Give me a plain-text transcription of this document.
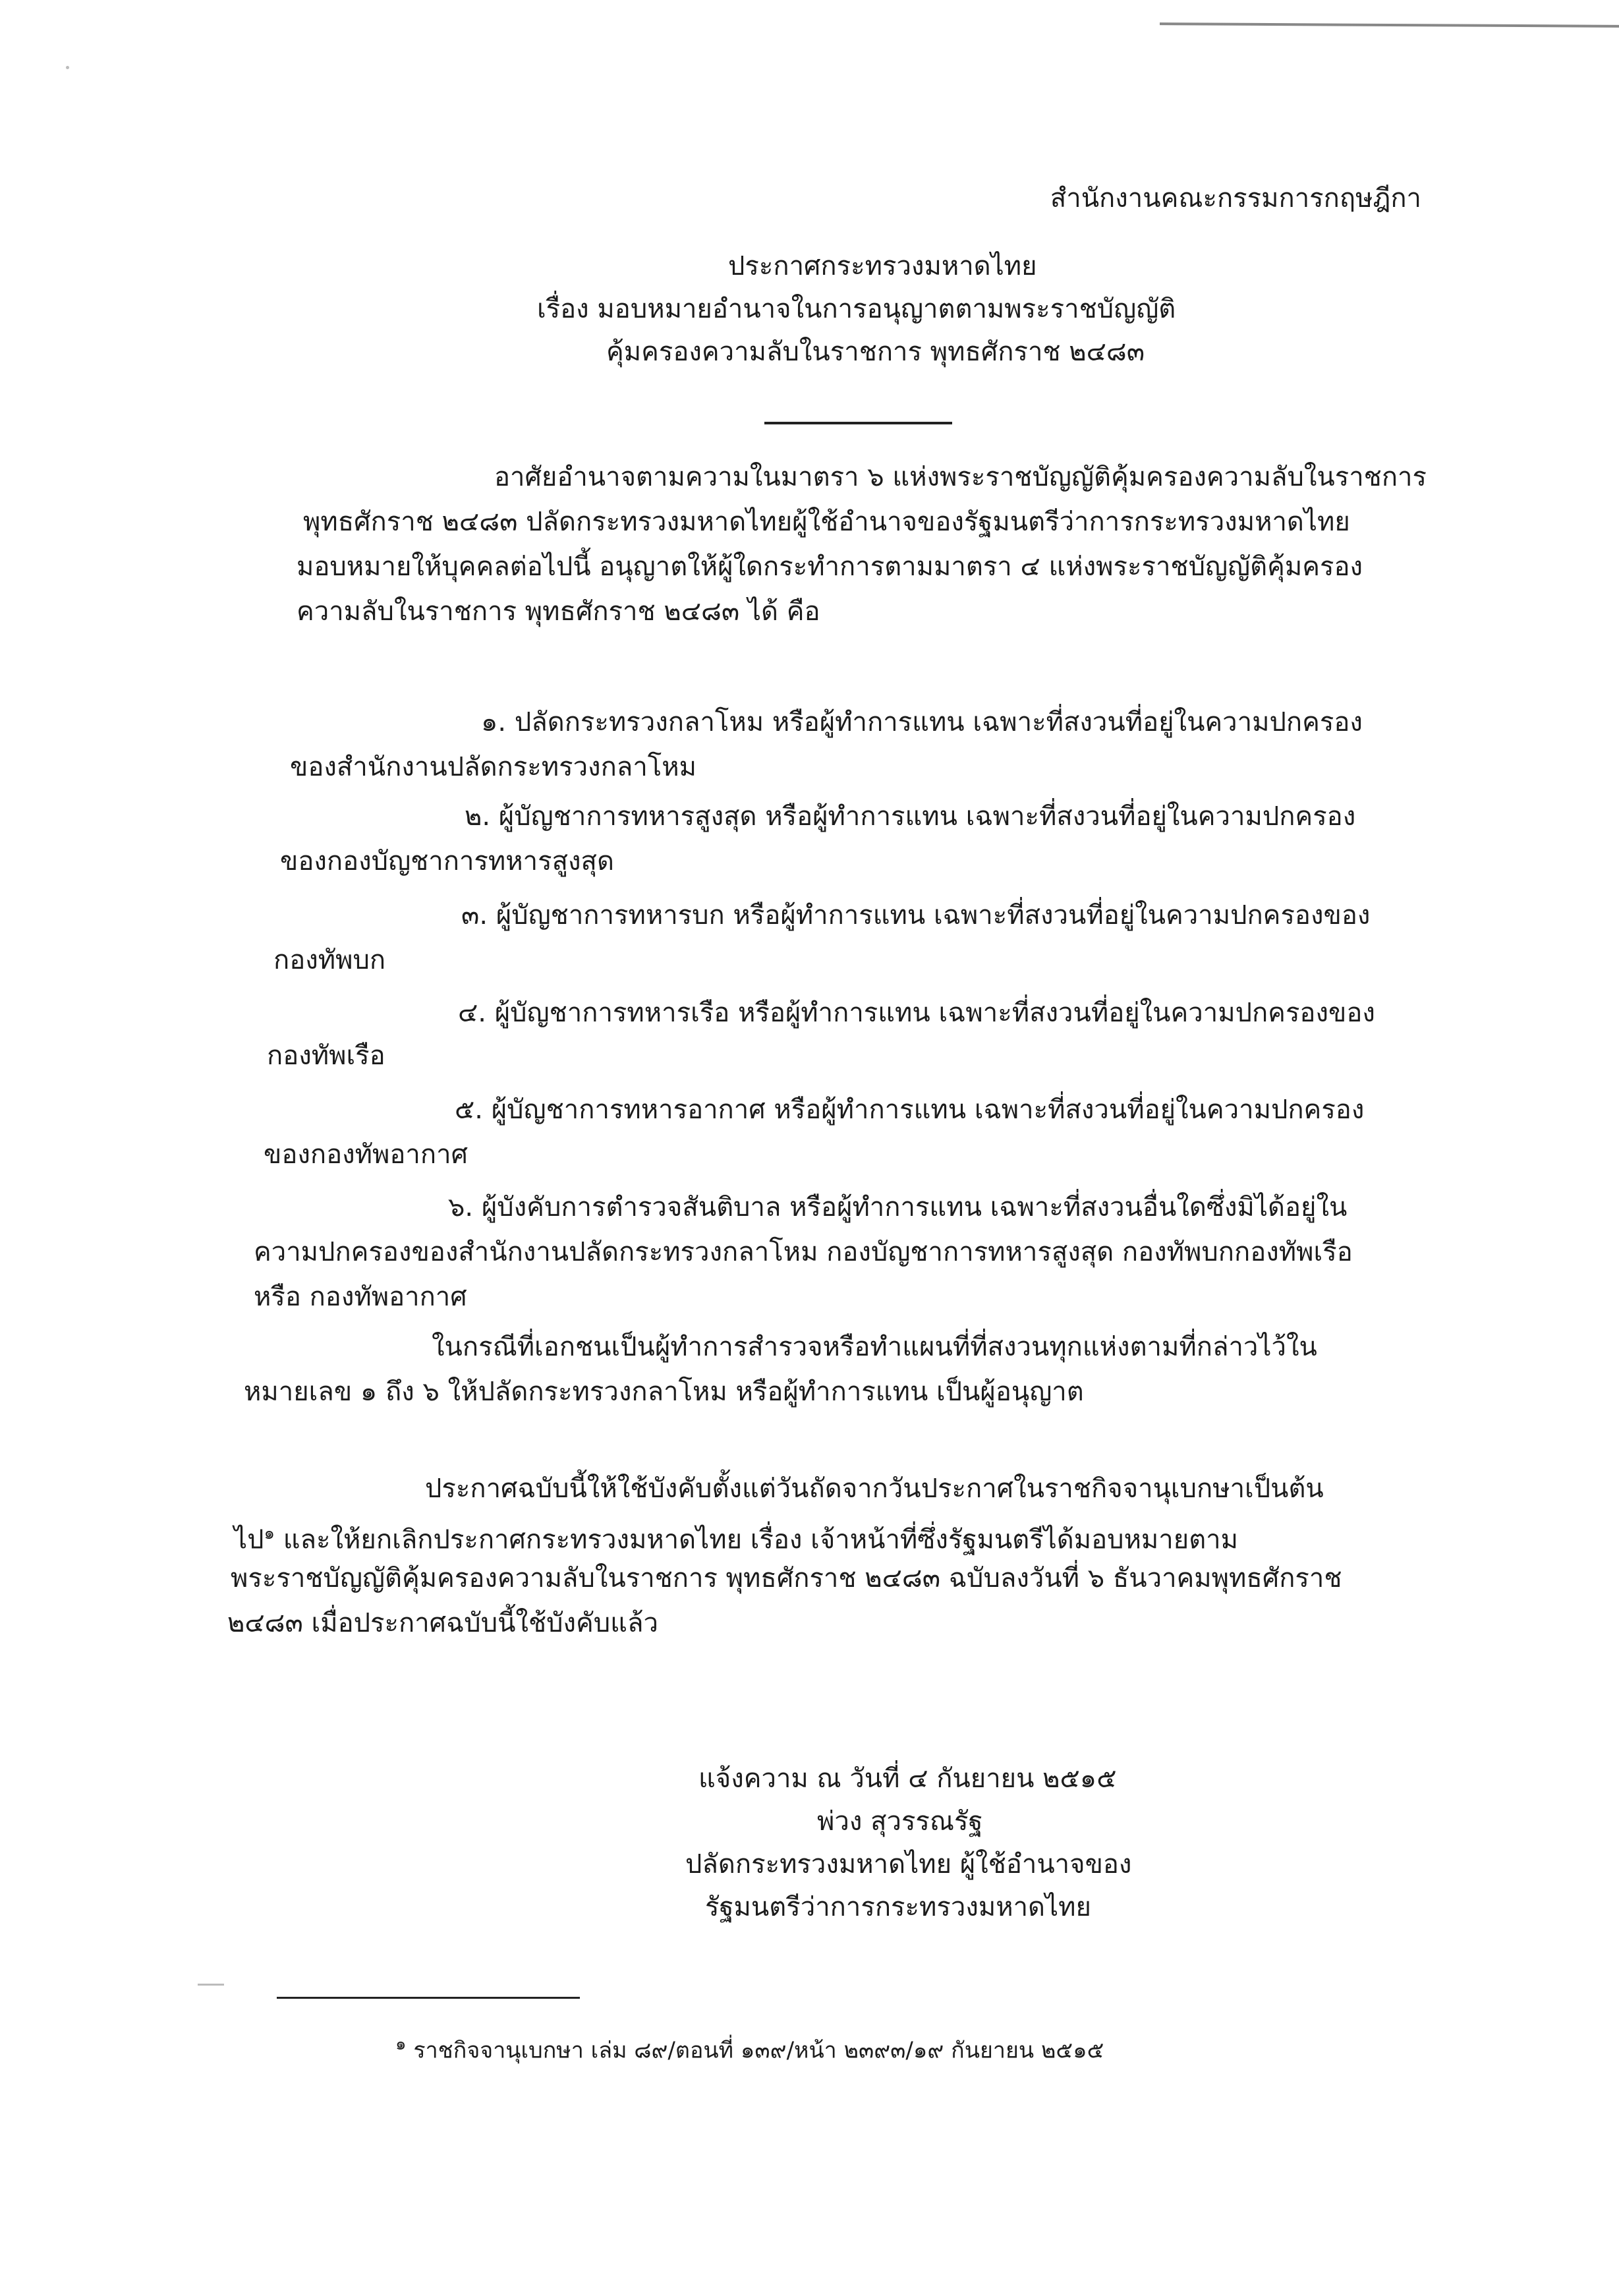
สำนักงานคณะกรรมการกฤษฎีกา
ประกาศกระทรวงมหาดไทย
เรื่อง มอบหมายอำนาจในการอนุญาตตามพระราชบัญญัติ
คุ้มครองความลับในราชการ พุทธศักราช ๒๔๘๓
อาศัยอำนาจตามความในมาตรา ๖ แห่งพระราชบัญญัติคุ้มครองความลับในราชการ
พุทธศักราช ๒๔๘๓ ปลัดกระทรวงมหาดไทยผู้ใช้อำนาจของรัฐมนตรีว่าการกระทรวงมหาดไทย
มอบหมายให้บุคคลต่อไปนี้ อนุญาตให้ผู้ใดกระทำการตามมาตรา ๔ แห่งพระราชบัญญัติคุ้มครอง
ความลับในราชการ พุทธศักราช ๒๔๘๓ ได้ คือ
๑. ปลัดกระทรวงกลาโหม หรือผู้ทำการแทน เฉพาะที่สงวนที่อยู่ในความปกครอง
ของสำนักงานปลัดกระทรวงกลาโหม
๒. ผู้บัญชาการทหารสูงสุด หรือผู้ทำการแทน เฉพาะที่สงวนที่อยู่ในความปกครอง
ของกองบัญชาการทหารสูงสุด
๓. ผู้บัญชาการทหารบก หรือผู้ทำการแทน เฉพาะที่สงวนที่อยู่ในความปกครองของ
กองทัพบก
๔. ผู้บัญชาการทหารเรือ หรือผู้ทำการแทน เฉพาะที่สงวนที่อยู่ในความปกครองของ
กองทัพเรือ
๕. ผู้บัญชาการทหารอากาศ หรือผู้ทำการแทน เฉพาะที่สงวนที่อยู่ในความปกครอง
ของกองทัพอากาศ
๖. ผู้บังคับการตำรวจสันติบาล หรือผู้ทำการแทน เฉพาะที่สงวนอื่นใดซึ่งมิได้อยู่ใน
ความปกครองของสำนักงานปลัดกระทรวงกลาโหม กองบัญชาการทหารสูงสุด กองทัพบกกองทัพเรือ
หรือ กองทัพอากาศ
ในกรณีที่เอกชนเป็นผู้ทำการสำรวจหรือทำแผนที่ที่สงวนทุกแห่งตามที่กล่าวไว้ใน
หมายเลข ๑ ถึง ๖ ให้ปลัดกระทรวงกลาโหม หรือผู้ทำการแทน เป็นผู้อนุญาต
ประกาศฉบับนี้ให้ใช้บังคับตั้งแต่วันถัดจากวันประกาศในราชกิจจานุเบกษาเป็นต้น
ไป$^๑$ และให้ยกเลิกประกาศกระทรวงมหาดไทย เรื่อง เจ้าหน้าที่ซึ่งรัฐมนตรีได้มอบหมายตาม
พระราชบัญญัติคุ้มครองความลับในราชการ พุทธศักราช ๒๔๘๓ ฉบับลงวันที่ ๖ ธันวาคมพุทธศักราช
๒๔๘๓ เมื่อประกาศฉบับนี้ใช้บังคับแล้ว
แจ้งความ ณ วันที่ ๔ กันยายน ๒๕๑๕
พ่วง สุวรรณรัฐ
ปลัดกระทรวงมหาดไทย ผู้ใช้อำนาจของ
รัฐมนตรีว่าการกระทรวงมหาดไทย
$^๑$ ราชกิจจานุเบกษา เล่ม ๘๙/ตอนที่ ๑๓๙/หน้า ๒๓๙๓/๑๙ กันยายน ๒๕๑๕
